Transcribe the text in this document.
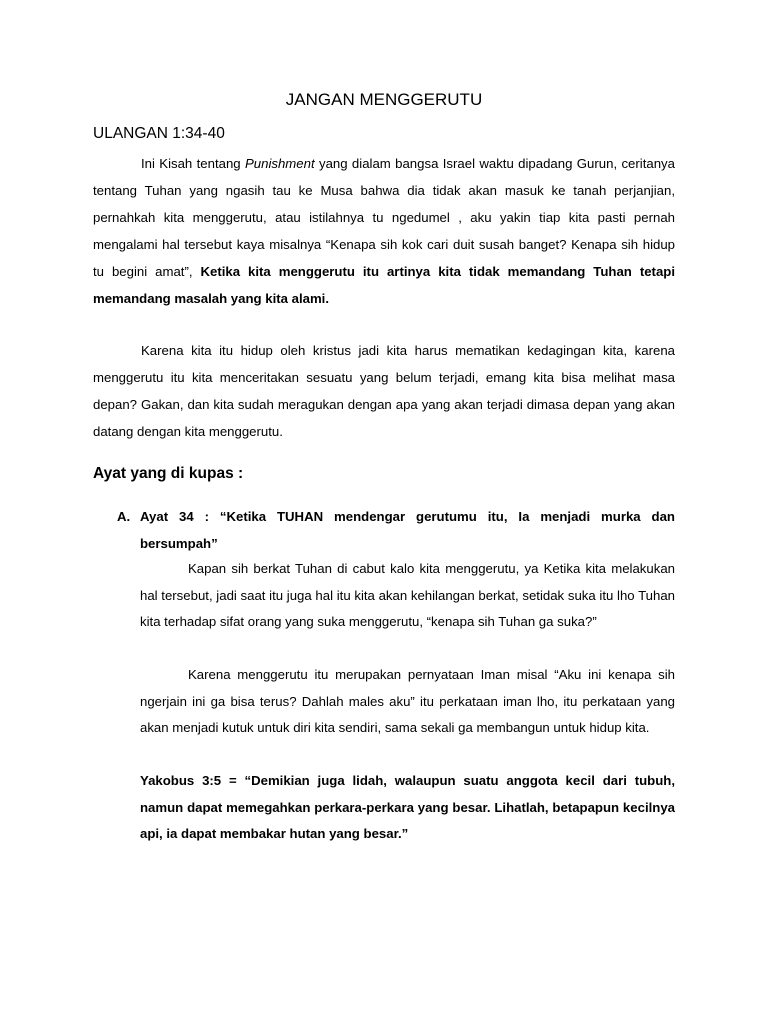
JANGAN MENGGERUTU
ULANGAN 1:34-40

Ini Kisah tentang Punishment yang dialam bangsa Israel waktu dipadang Gurun, ceritanya tentang Tuhan yang ngasih tau ke Musa bahwa dia tidak akan masuk ke tanah perjanjian, pernahkah kita menggerutu, atau istilahnya tu ngedumel , aku yakin tiap kita pasti pernah mengalami hal tersebut kaya misalnya “Kenapa sih kok cari duit susah banget? Kenapa sih hidup tu begini amat”, Ketika kita menggerutu itu artinya kita tidak memandang Tuhan tetapi memandang masalah yang kita alami.

Karena kita itu hidup oleh kristus jadi kita harus mematikan kedagingan kita, karena menggerutu itu kita menceritakan sesuatu yang belum terjadi, emang kita bisa melihat masa depan? Gakan, dan kita sudah meragukan dengan apa yang akan terjadi dimasa depan yang akan datang dengan kita menggerutu.

Ayat yang di kupas :
A. Ayat 34 : “Ketika TUHAN mendengar gerutumu itu, Ia menjadi murka dan bersumpah”

Kapan sih berkat Tuhan di cabut kalo kita menggerutu, ya Ketika kita melakukan hal tersebut, jadi saat itu juga hal itu kita akan kehilangan berkat, setidak suka itu lho Tuhan kita terhadap sifat orang yang suka menggerutu, “kenapa sih Tuhan ga suka?”

Karena menggerutu itu merupakan pernyataan Iman misal “Aku ini kenapa sih ngerjain ini ga bisa terus? Dahlah males aku” itu perkataan iman lho, itu perkataan yang akan menjadi kutuk untuk diri kita sendiri, sama sekali ga membangun untuk hidup kita.

Yakobus 3:5 = “Demikian juga lidah, walaupun suatu anggota kecil dari tubuh, namun dapat memegahkan perkara-perkara yang besar. Lihatlah, betapapun kecilnya api, ia dapat membakar hutan yang besar.”
